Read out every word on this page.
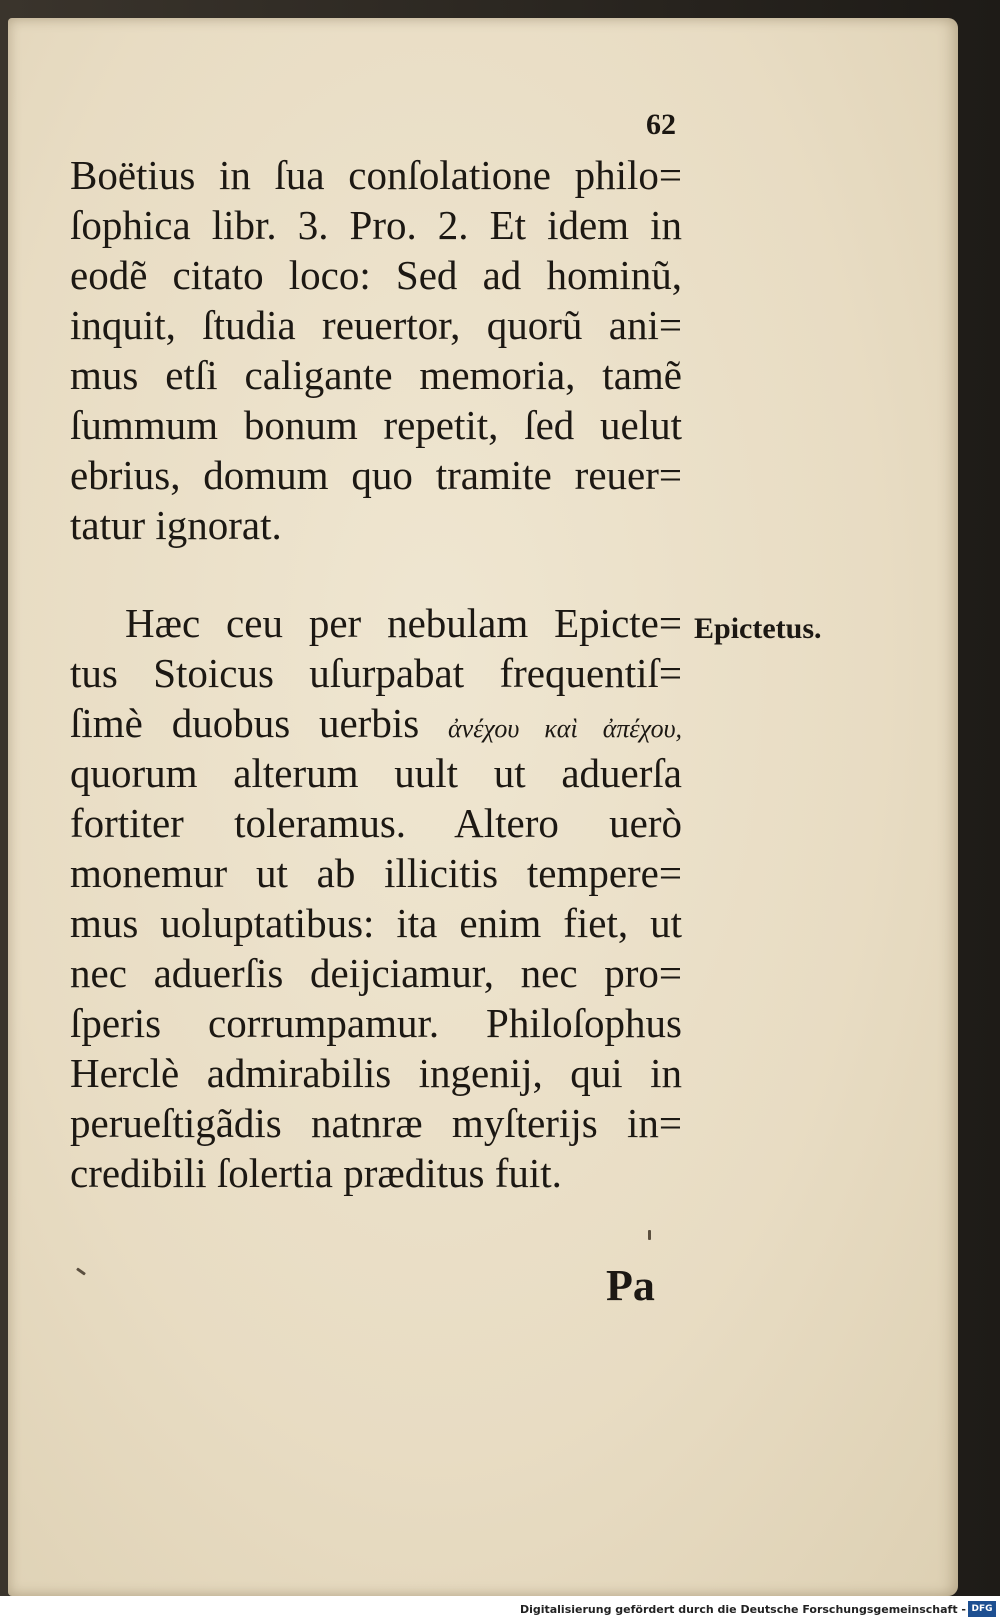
62
Boëtius in ſua conſolatione philo=
ſophica libr. 3. Pro. 2. Et idem in
eodẽ citato loco: Sed ad hominũ,
inquit, ſtudia reuertor, quorũ ani=
mus etſi caligante memoria, tamẽ
ſummum bonum repetit, ſed uelut
ebrius, domum quo tramite reuer=
tatur ignorat.
Epictetus.
Hæc ceu per nebulam Epicte=
tus Stoicus uſurpabat frequentiſ=
ſimè duobus uerbis ἀνέχου καὶ ἀπέχου,
quorum alterum uult ut aduerſa
fortiter toleramus. Altero uerò
monemur ut ab illicitis tempere=
mus uoluptatibus: ita enim fiet, ut
nec aduerſis deijciamur, nec pro=
ſperis corrumpamur. Philoſophus
Herclè admirabilis ingenij, qui in
perueſtigãdis natnræ myſterijs in=
credibili ſolertia præditus fuit.
Pa
Digitalisierung gefördert durch die Deutsche Forschungsgemeinschaft - DFG
